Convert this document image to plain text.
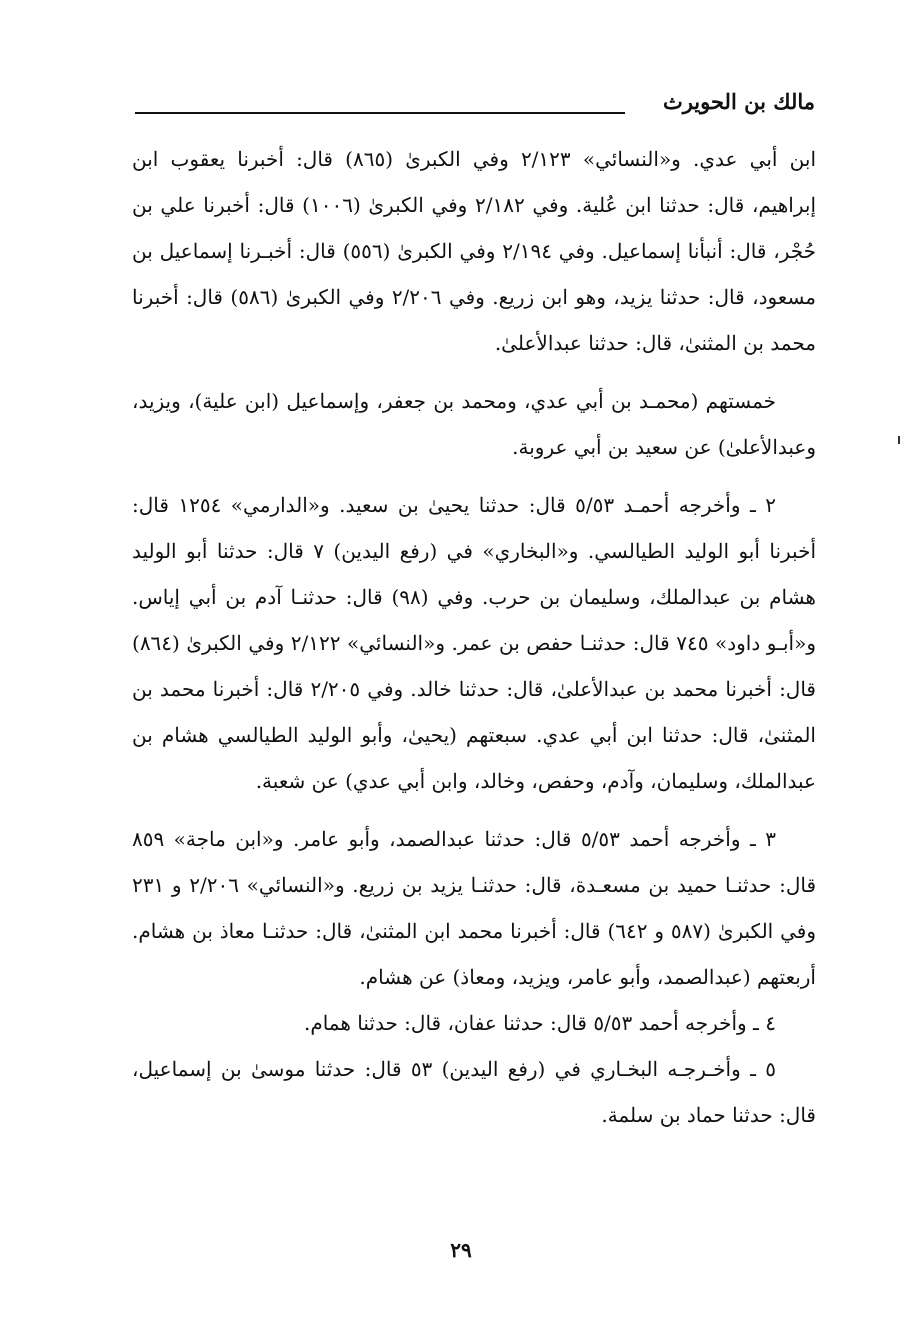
مالك بن الحويرث

ابن أبي عدي. و«النسائي» ٢/١٢٣ وفي الكبرىٰ (٨٦٥) قال: أخبرنا يعقوب ابن إبراهيم، قال: حدثنا ابن عُلية. وفي ٢/١٨٢ وفي الكبرىٰ (١٠٠٦) قال: أخبرنا علي بن حُجْر، قال: أنبأنا إسماعيل. وفي ٢/١٩٤ وفي الكبرىٰ (٥٥٦) قال: أخبـرنا إسماعيل بن مسعود، قال: حدثنا يزيد، وهو ابن زريع. وفي ٢/٢٠٦ وفي الكبرىٰ (٥٨٦) قال: أخبرنا محمد بن المثنىٰ، قال: حدثنا عبدالأعلىٰ.

خمستهم (محمـد بن أبي عدي، ومحمد بن جعفر، وإسماعيل (ابن علية)، ويزيد، وعبدالأعلىٰ) عن سعيد بن أبي عروبة.

٢ ـ وأخرجه أحمـد ٥/٥٣ قال: حدثنا يحيىٰ بن سعيد. و«الدارمي» ١٢٥٤ قال: أخبرنا أبو الوليد الطيالسي. و«البخاري» في (رفع اليدين) ٧ قال: حدثنا أبو الوليد هشام بن عبدالملك، وسليمان بن حرب. وفي (٩٨) قال: حدثنـا آدم بن أبي إياس. و«أبـو داود» ٧٤٥ قال: حدثنـا حفص بن عمر. و«النسائي» ٢/١٢٢ وفي الكبرىٰ (٨٦٤) قال: أخبرنا محمد بن عبدالأعلىٰ، قال: حدثنا خالد. وفي ٢/٢٠٥ قال: أخبرنا محمد بن المثنىٰ، قال: حدثنا ابن أبي عدي. سبعتهم (يحيىٰ، وأبو الوليد الطيالسي هشام بن عبدالملك، وسليمان، وآدم، وحفص، وخالد، وابن أبي عدي) عن شعبة.

٣ ـ وأخرجه أحمد ٥/٥٣ قال: حدثنا عبدالصمد، وأبو عامر. و«ابن ماجة» ٨٥٩ قال: حدثنـا حميد بن مسعـدة، قال: حدثنـا يزيد بن زريع. و«النسائي» ٢/٢٠٦ و ٢٣١ وفي الكبرىٰ (٥٨٧ و ٦٤٢) قال: أخبرنا محمد ابن المثنىٰ، قال: حدثنـا معاذ بن هشام. أربعتهم (عبدالصمد، وأبو عامر، ويزيد، ومعاذ) عن هشام.

٤ ـ وأخرجه أحمد ٥/٥٣ قال: حدثنا عفان، قال: حدثنا همام.

٥ ـ وأخـرجـه البخـاري في (رفع اليدين) ٥٣ قال: حدثنا موسىٰ بن إسماعيل، قال: حدثنا حماد بن سلمة.

٢٩
